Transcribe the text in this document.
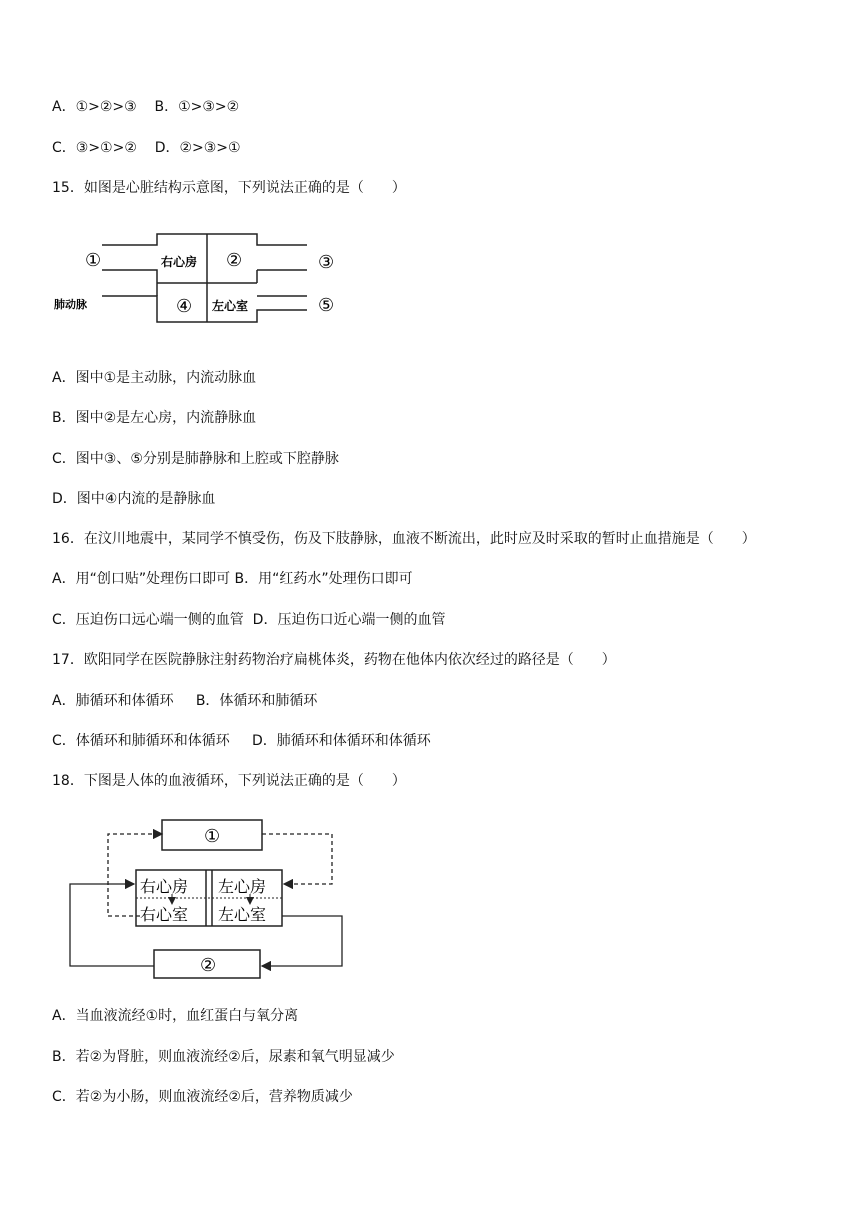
A．①>②>③    B．①>③>②
C．③>①>②    D．②>③>①
15．如图是心脏结构示意图，下列说法正确的是（　　）
①	右心房 ②	③
肺动脉	④ 左心室	⑤
A．图中①是主动脉，内流动脉血
B．图中②是左心房，内流静脉血
C．图中③、⑤分别是肺静脉和上腔或下腔静脉
D．图中④内流的是静脉血
16．在汶川地震中，某同学不慎受伤，伤及下肢静脉，血液不断流出，此时应及时采取的暂时止血措施是（　　）
A．用“创口贴”处理伤口即可 B．用“红药水”处理伤口即可
C．压迫伤口远心端一侧的血管  D．压迫伤口近心端一侧的血管
17．欧阳同学在医院静脉注射药物治疗扁桃体炎，药物在他体内依次经过的路径是（　　）
A．肺循环和体循环     B．体循环和肺循环
C．体循环和肺循环和体循环     D．肺循环和体循环和体循环
18．下图是人体的血液循环，下列说法正确的是（　　）
①
右心房
右心室
左心房
左心室
②
A．当血液流经①时，血红蛋白与氧分离
B．若②为肾脏，则血液流经②后，尿素和氧气明显减少
C．若②为小肠，则血液流经②后，营养物质减少
